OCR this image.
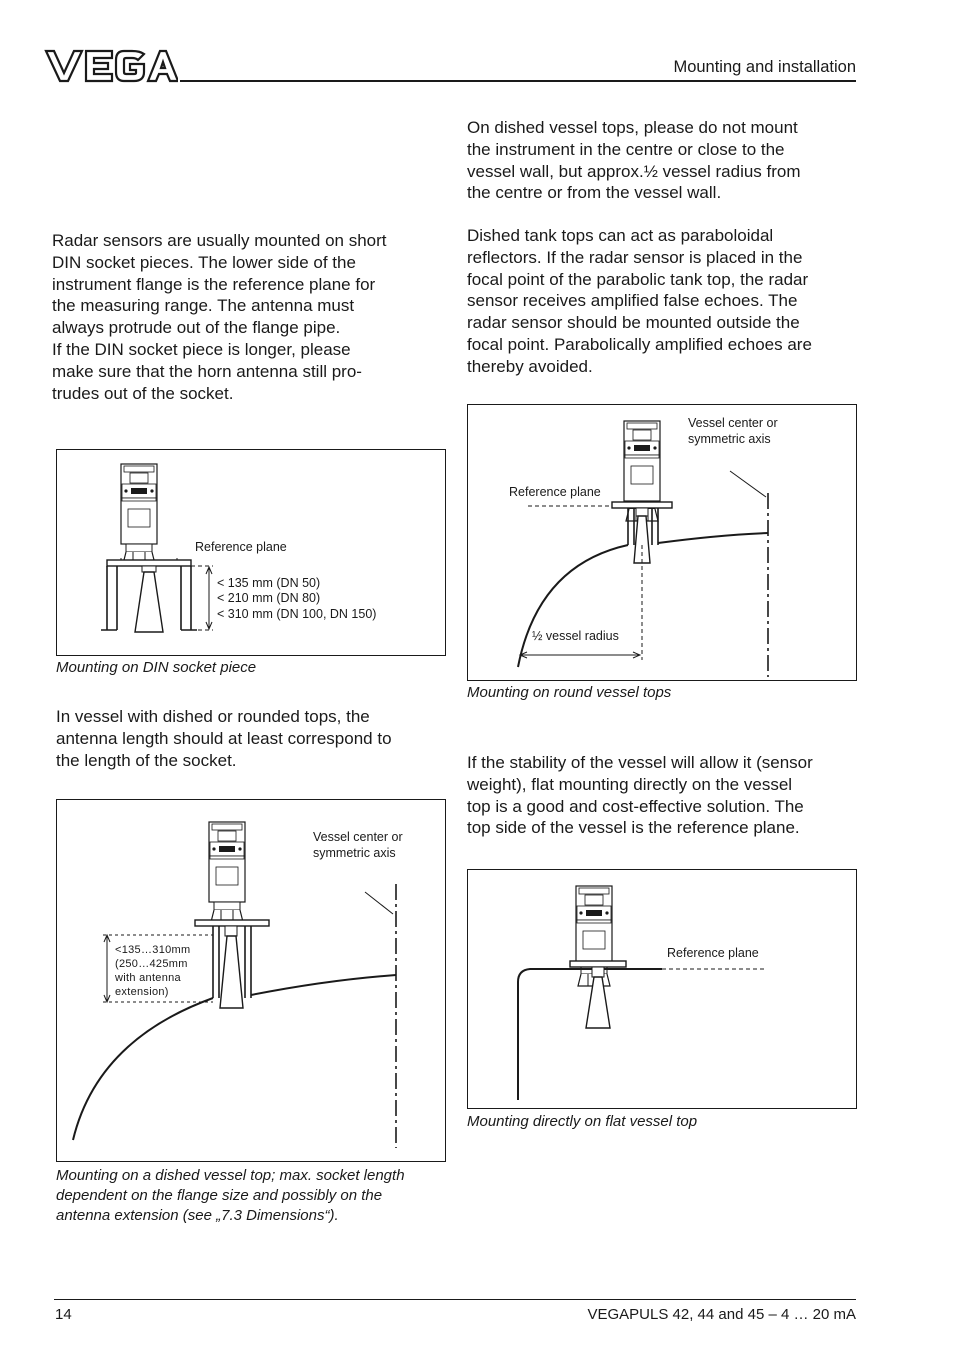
Mounting and installation

Radar sensors are usually mounted on short

DIN socket pieces. The lower side of the

instrument flange is the reference plane for

the measuring range. The antenna must

always protrude out of the flange pipe.

If the DIN socket piece is longer, please

make sure that the horn antenna still pro-

trudes out of the socket.

Reference plane
< 135 mm (DN 50)
< 210 mm (DN 80)
< 310 mm (DN 100, DN 150)
Mounting on DIN socket piece

In vessel with dished or rounded tops, the

antenna length should at least correspond to

the length of the socket.

Vessel center or
symmetric axis
<135…310mm
(250…425mm
with antenna
extension)
Mounting on a dished vessel top; max. socket length
dependent on the flange size and possibly on the
antenna extension (see „7.3 Dimensions“).

On dished vessel tops, please do not mount

the instrument in the centre or close to the

vessel wall, but approx.½ vessel radius from

the centre or from the vessel wall.

Dished tank tops can act as paraboloidal

reflectors. If the radar sensor is placed in the

focal point of the parabolic tank top, the radar

sensor receives amplified false echoes. The

radar sensor should be mounted outside the

focal point. Parabolically amplified echoes are

thereby avoided.

Vessel center or
symmetric axis
Reference plane
½ vessel radius
Mounting on round vessel tops

If the stability of the vessel will allow it (sensor

weight), flat mounting directly on the vessel

top is a good and cost-effective solution. The

top side of the vessel is the reference plane.

Reference plane
Mounting directly on flat vessel top
14	VEGAPULS 42, 44 and 45 – 4 … 20 mA
